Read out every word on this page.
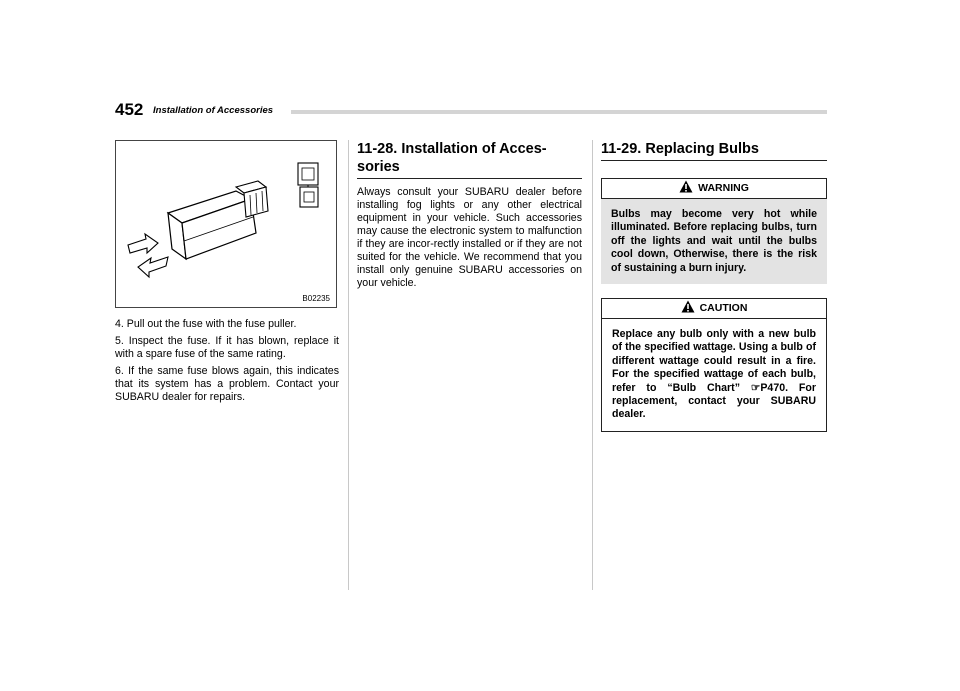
452 Installation of Accessories
B02235

4. Pull out the fuse with the fuse puller.

5. Inspect the fuse. If it has blown, replace it with a spare fuse of the same rating.

6. If the same fuse blows again, this indicates that its system has a problem. Contact your SUBARU dealer for repairs.

11-28. Installation of Acces-sories

Always consult your SUBARU dealer before installing fog lights or any other electrical equipment in your vehicle. Such accessories may cause the electronic system to malfunction if they are incor-rectly installed or if they are not suited for the vehicle. We recommend that you install only genuine SUBARU accessories on your vehicle.

11-29. Replacing Bulbs
WARNING
Bulbs may become very hot while illuminated. Before replacing bulbs, turn off the lights and wait until the bulbs cool down, Otherwise, there is the risk of sustaining a burn injury.
CAUTION
Replace any bulb only with a new bulb of the specified wattage. Using a bulb of different wattage could result in a fire. For the specified wattage of each bulb, refer to “Bulb Chart” ☞P470. For replacement, contact your SUBARU dealer.
